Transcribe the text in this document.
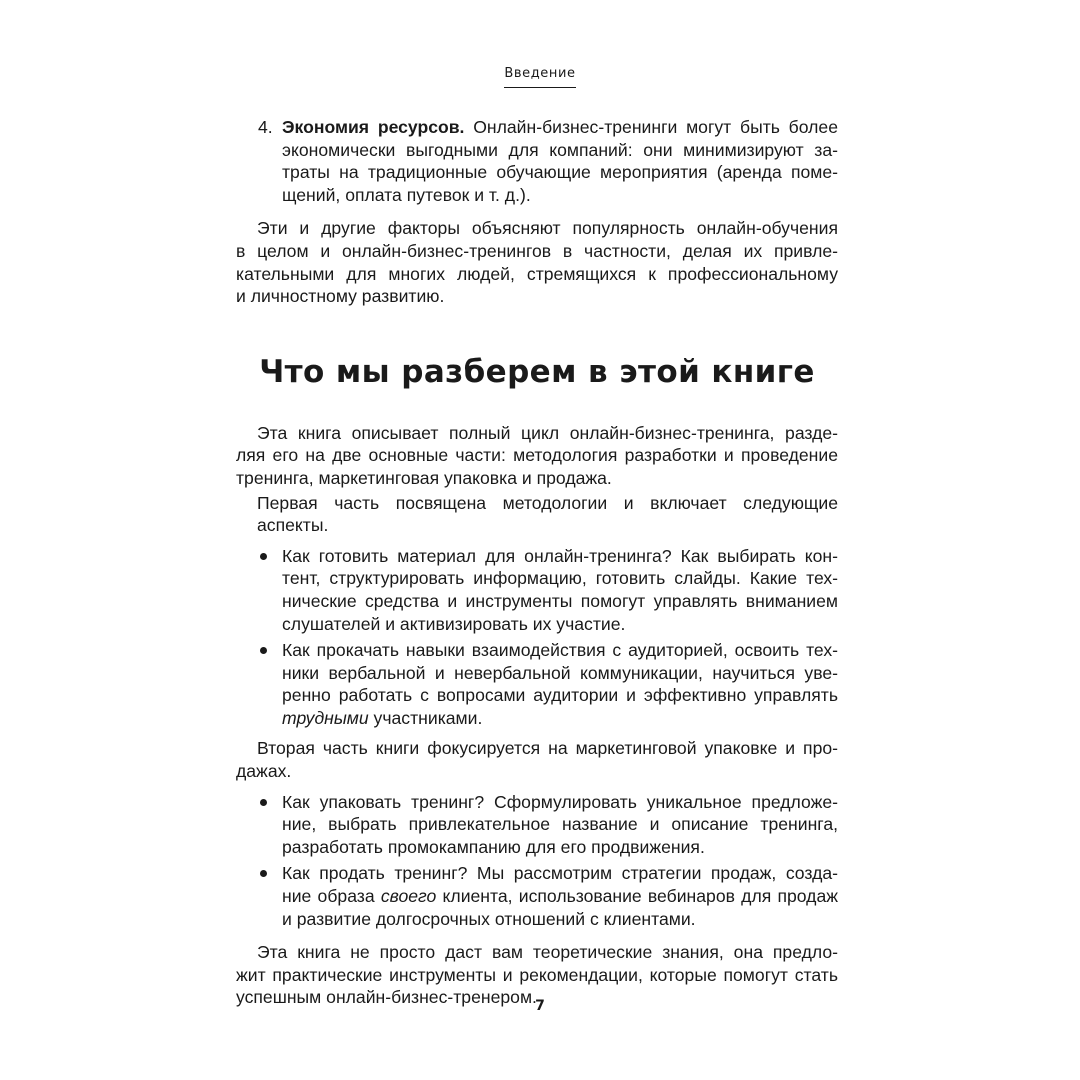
Введение
4. Экономия ресурсов. Онлайн-бизнес-тренинги могут быть более
экономически выгодными для компаний: они минимизируют за-
траты на традиционные обучающие мероприятия (аренда поме-
щений, оплата путевок и т. д.).

Эти и другие факторы объясняют популярность онлайн-обучения
в целом и онлайн-бизнес-тренингов в частности, делая их привле-
кательными для многих людей, стремящихся к профессиональному
и личностному развитию.

Что мы разберем в этой книге

Эта книга описывает полный цикл онлайн-бизнес-тренинга, разде-
ляя его на две основные части: методология разработки и проведение
тренинга, маркетинговая упаковка и продажа.

Первая часть посвящена методологии и включает следующие аспекты.

Как готовить материал для онлайн-тренинга? Как выбирать кон-
тент, структурировать информацию, готовить слайды. Какие тех-
нические средства и инструменты помогут управлять вниманием
слушателей и активизировать их участие.
Как прокачать навыки взаимодействия с аудиторией, освоить тех-
ники вербальной и невербальной коммуникации, научиться уве-
ренно работать с вопросами аудитории и эффективно управлять
трудными участниками.

Вторая часть книги фокусируется на маркетинговой упаковке и про-
дажах.

Как упаковать тренинг? Сформулировать уникальное предложе-
ние, выбрать привлекательное название и описание тренинга,
разработать промокампанию для его продвижения.
Как продать тренинг? Мы рассмотрим стратегии продаж, созда-
ние образа своего клиента, использование вебинаров для продаж
и развитие долгосрочных отношений с клиентами.

Эта книга не просто даст вам теоретические знания, она предло-
жит практические инструменты и рекомендации, которые помогут стать
успешным онлайн-бизнес-тренером.

7
